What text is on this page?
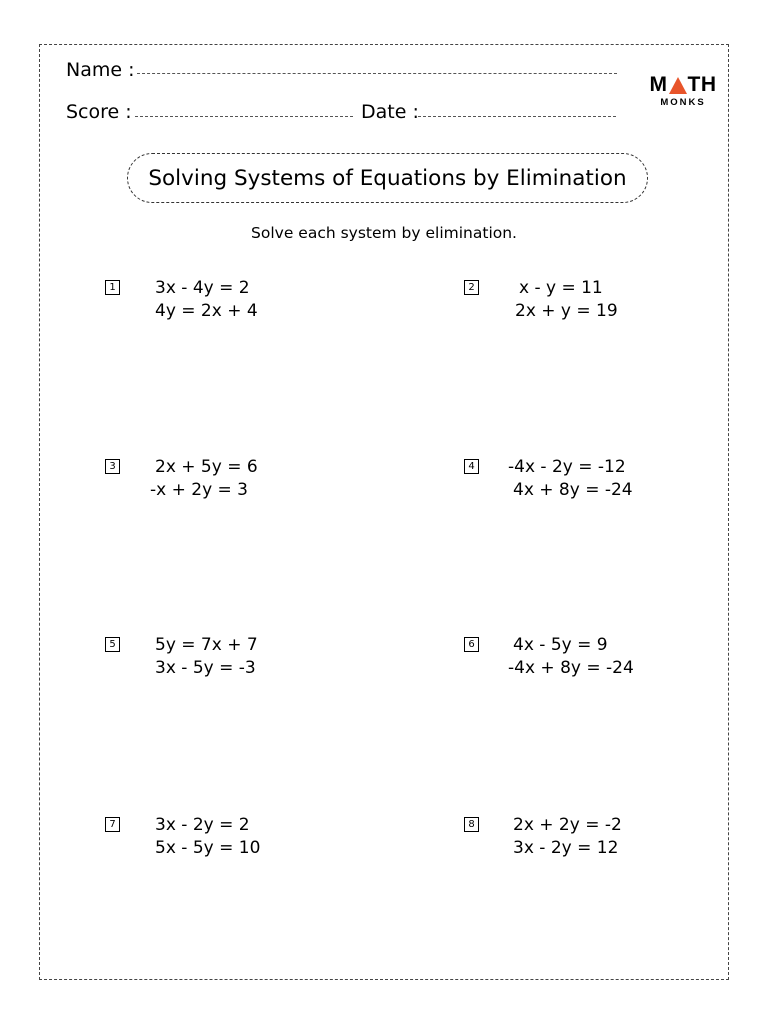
Name :
Score :	Date :
M TH
MONKS
Solving Systems of Equations by Elimination
Solve each system by elimination.
1 3x - 4y = 2
4y = 2x + 4
2	x - y = 11
2x + y = 19
3 2x + 5y = 6
-x + 2y = 3
4 -4x - 2y = -12
4x + 8y = -24
5 5y = 7x + 7
3x - 5y = -3
6 4x - 5y = 9
-4x + 8y = -24
7 3x - 2y = 2
5x - 5y = 10
8 2x + 2y = -2
3x - 2y = 12
